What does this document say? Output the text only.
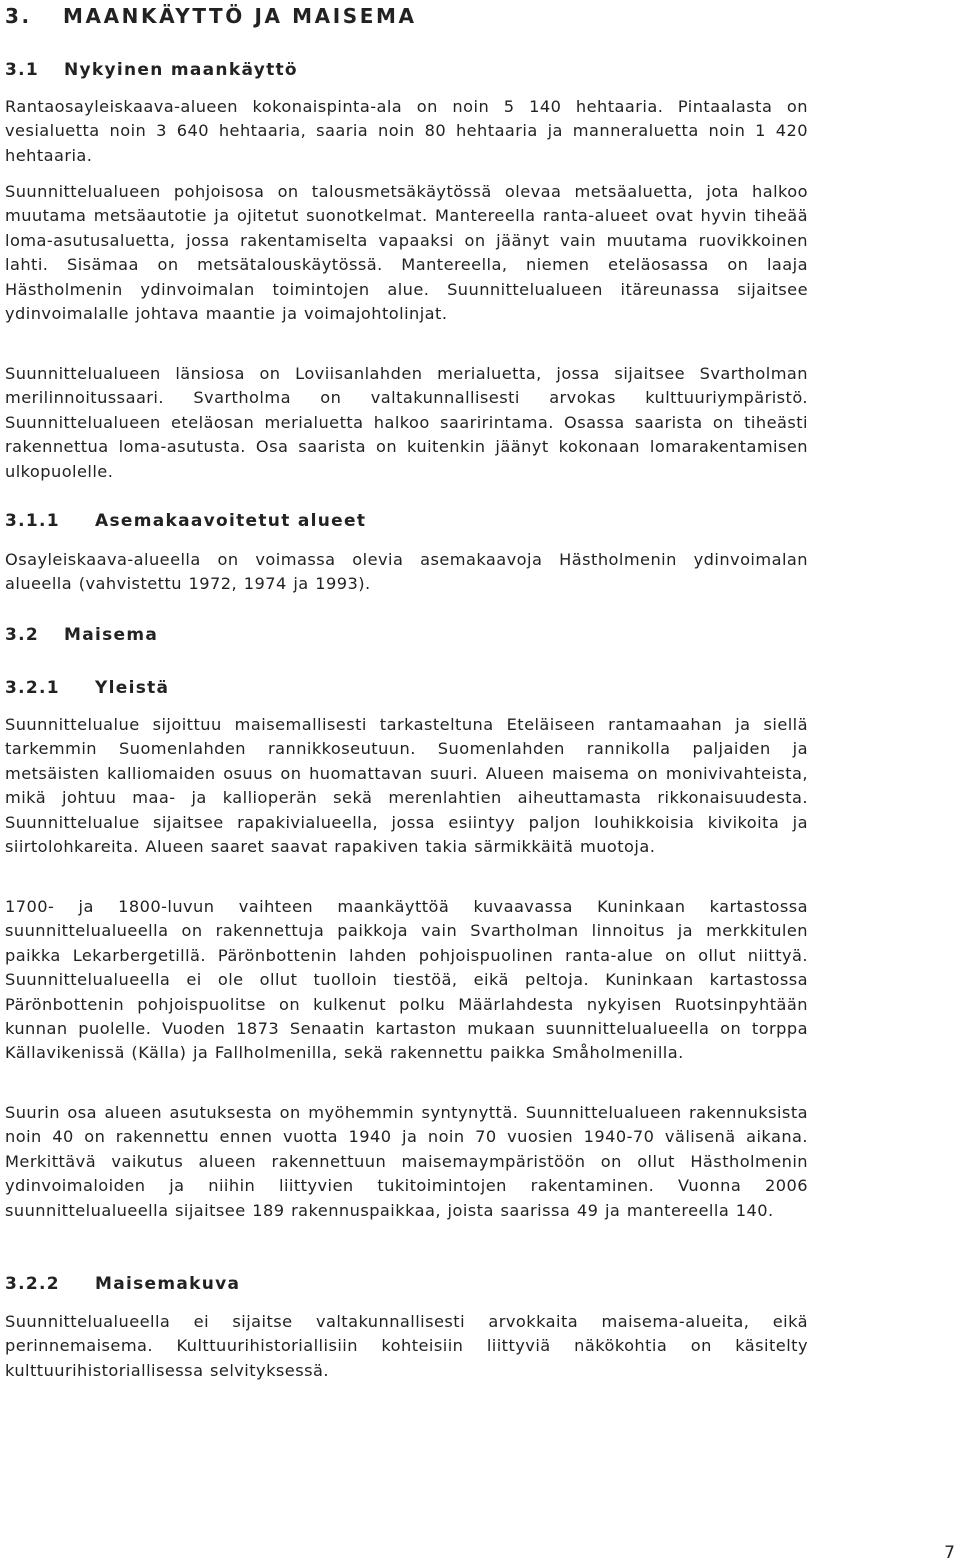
3. MAANKÄYTTÖ JA MAISEMA
3.1 Nykyinen maankäyttö

Rantaosayleiskaava-alueen kokonaispinta-ala on noin 5 140 hehtaaria. Pintaalasta on vesialuetta noin 3 640 hehtaaria, saaria noin 80 hehtaaria ja manneraluetta noin 1 420 hehtaaria.

Suunnittelualueen pohjoisosa on talousmetsäkäytössä olevaa metsäaluetta, jota halkoo muutama metsäautotie ja ojitetut suonotkelmat. Mantereella ranta-alueet ovat hyvin tiheää loma-asutusaluetta, jossa rakentamiselta vapaaksi on jäänyt vain muutama ruovikkoinen lahti. Sisämaa on metsätalouskäytössä. Mantereella, niemen eteläosassa on laaja Hästholmenin ydinvoimalan toimintojen alue. Suunnittelualueen itäreunassa sijaitsee ydinvoimalalle johtava maantie ja voimajohtolinjat.

Suunnittelualueen länsiosa on Loviisanlahden merialuetta, jossa sijaitsee Svartholman merilinnoitussaari. Svartholma on valtakunnallisesti arvokas kulttuuriympäristö. Suunnittelualueen eteläosan merialuetta halkoo saaririntama. Osassa saarista on tiheästi rakennettua loma-asutusta. Osa saarista on kuitenkin jäänyt kokonaan lomarakentamisen ulkopuolelle.

3.1.1 Asemakaavoitetut alueet

Osayleiskaava-alueella on voimassa olevia asemakaavoja Hästholmenin ydinvoimalan alueella (vahvistettu 1972, 1974 ja 1993).

3.2 Maisema
3.2.1 Yleistä

Suunnittelualue sijoittuu maisemallisesti tarkasteltuna Eteläiseen rantamaahan ja siellä tarkemmin Suomenlahden rannikkoseutuun. Suomenlahden rannikolla paljaiden ja metsäisten kalliomaiden osuus on huomattavan suuri. Alueen maisema on monivivahteista, mikä johtuu maa- ja kallioperän sekä merenlahtien aiheuttamasta rikkonaisuudesta. Suunnittelualue sijaitsee rapakivialueella, jossa esiintyy paljon louhikkoisia kivikoita ja siirtolohkareita. Alueen saaret saavat rapakiven takia särmikkäitä muotoja.

1700- ja 1800-luvun vaihteen maankäyttöä kuvaavassa Kuninkaan kartastossa suunnittelualueella on rakennettuja paikkoja vain Svartholman linnoitus ja merkkitulen paikka Lekarbergetillä. Pärönbottenin lahden pohjoispuolinen ranta-alue on ollut niittyä. Suunnittelualueella ei ole ollut tuolloin tiestöä, eikä peltoja. Kuninkaan kartastossa Pärönbottenin pohjoispuolitse on kulkenut polku Määrlahdesta nykyisen Ruotsinpyhtään kunnan puolelle. Vuoden 1873 Senaatin kartaston mukaan suunnittelualueella on torppa Källavikenissä (Källa) ja Fallholmenilla, sekä rakennettu paikka Småholmenilla.

Suurin osa alueen asutuksesta on myöhemmin syntynyttä. Suunnittelualueen rakennuksista noin 40 on rakennettu ennen vuotta 1940 ja noin 70 vuosien 1940-70 välisenä aikana. Merkittävä vaikutus alueen rakennettuun maisemaympäristöön on ollut Hästholmenin ydinvoimaloiden ja niihin liittyvien tukitoimintojen rakentaminen. Vuonna 2006 suunnittelualueella sijaitsee 189 rakennuspaikkaa, joista saarissa 49 ja mantereella 140.

3.2.2 Maisemakuva

Suunnittelualueella ei sijaitse valtakunnallisesti arvokkaita maisema-alueita, eikä perinnemaisema. Kulttuurihistoriallisiin kohteisiin liittyviä näkökohtia on käsitelty kulttuurihistoriallisessa selvityksessä.

7
